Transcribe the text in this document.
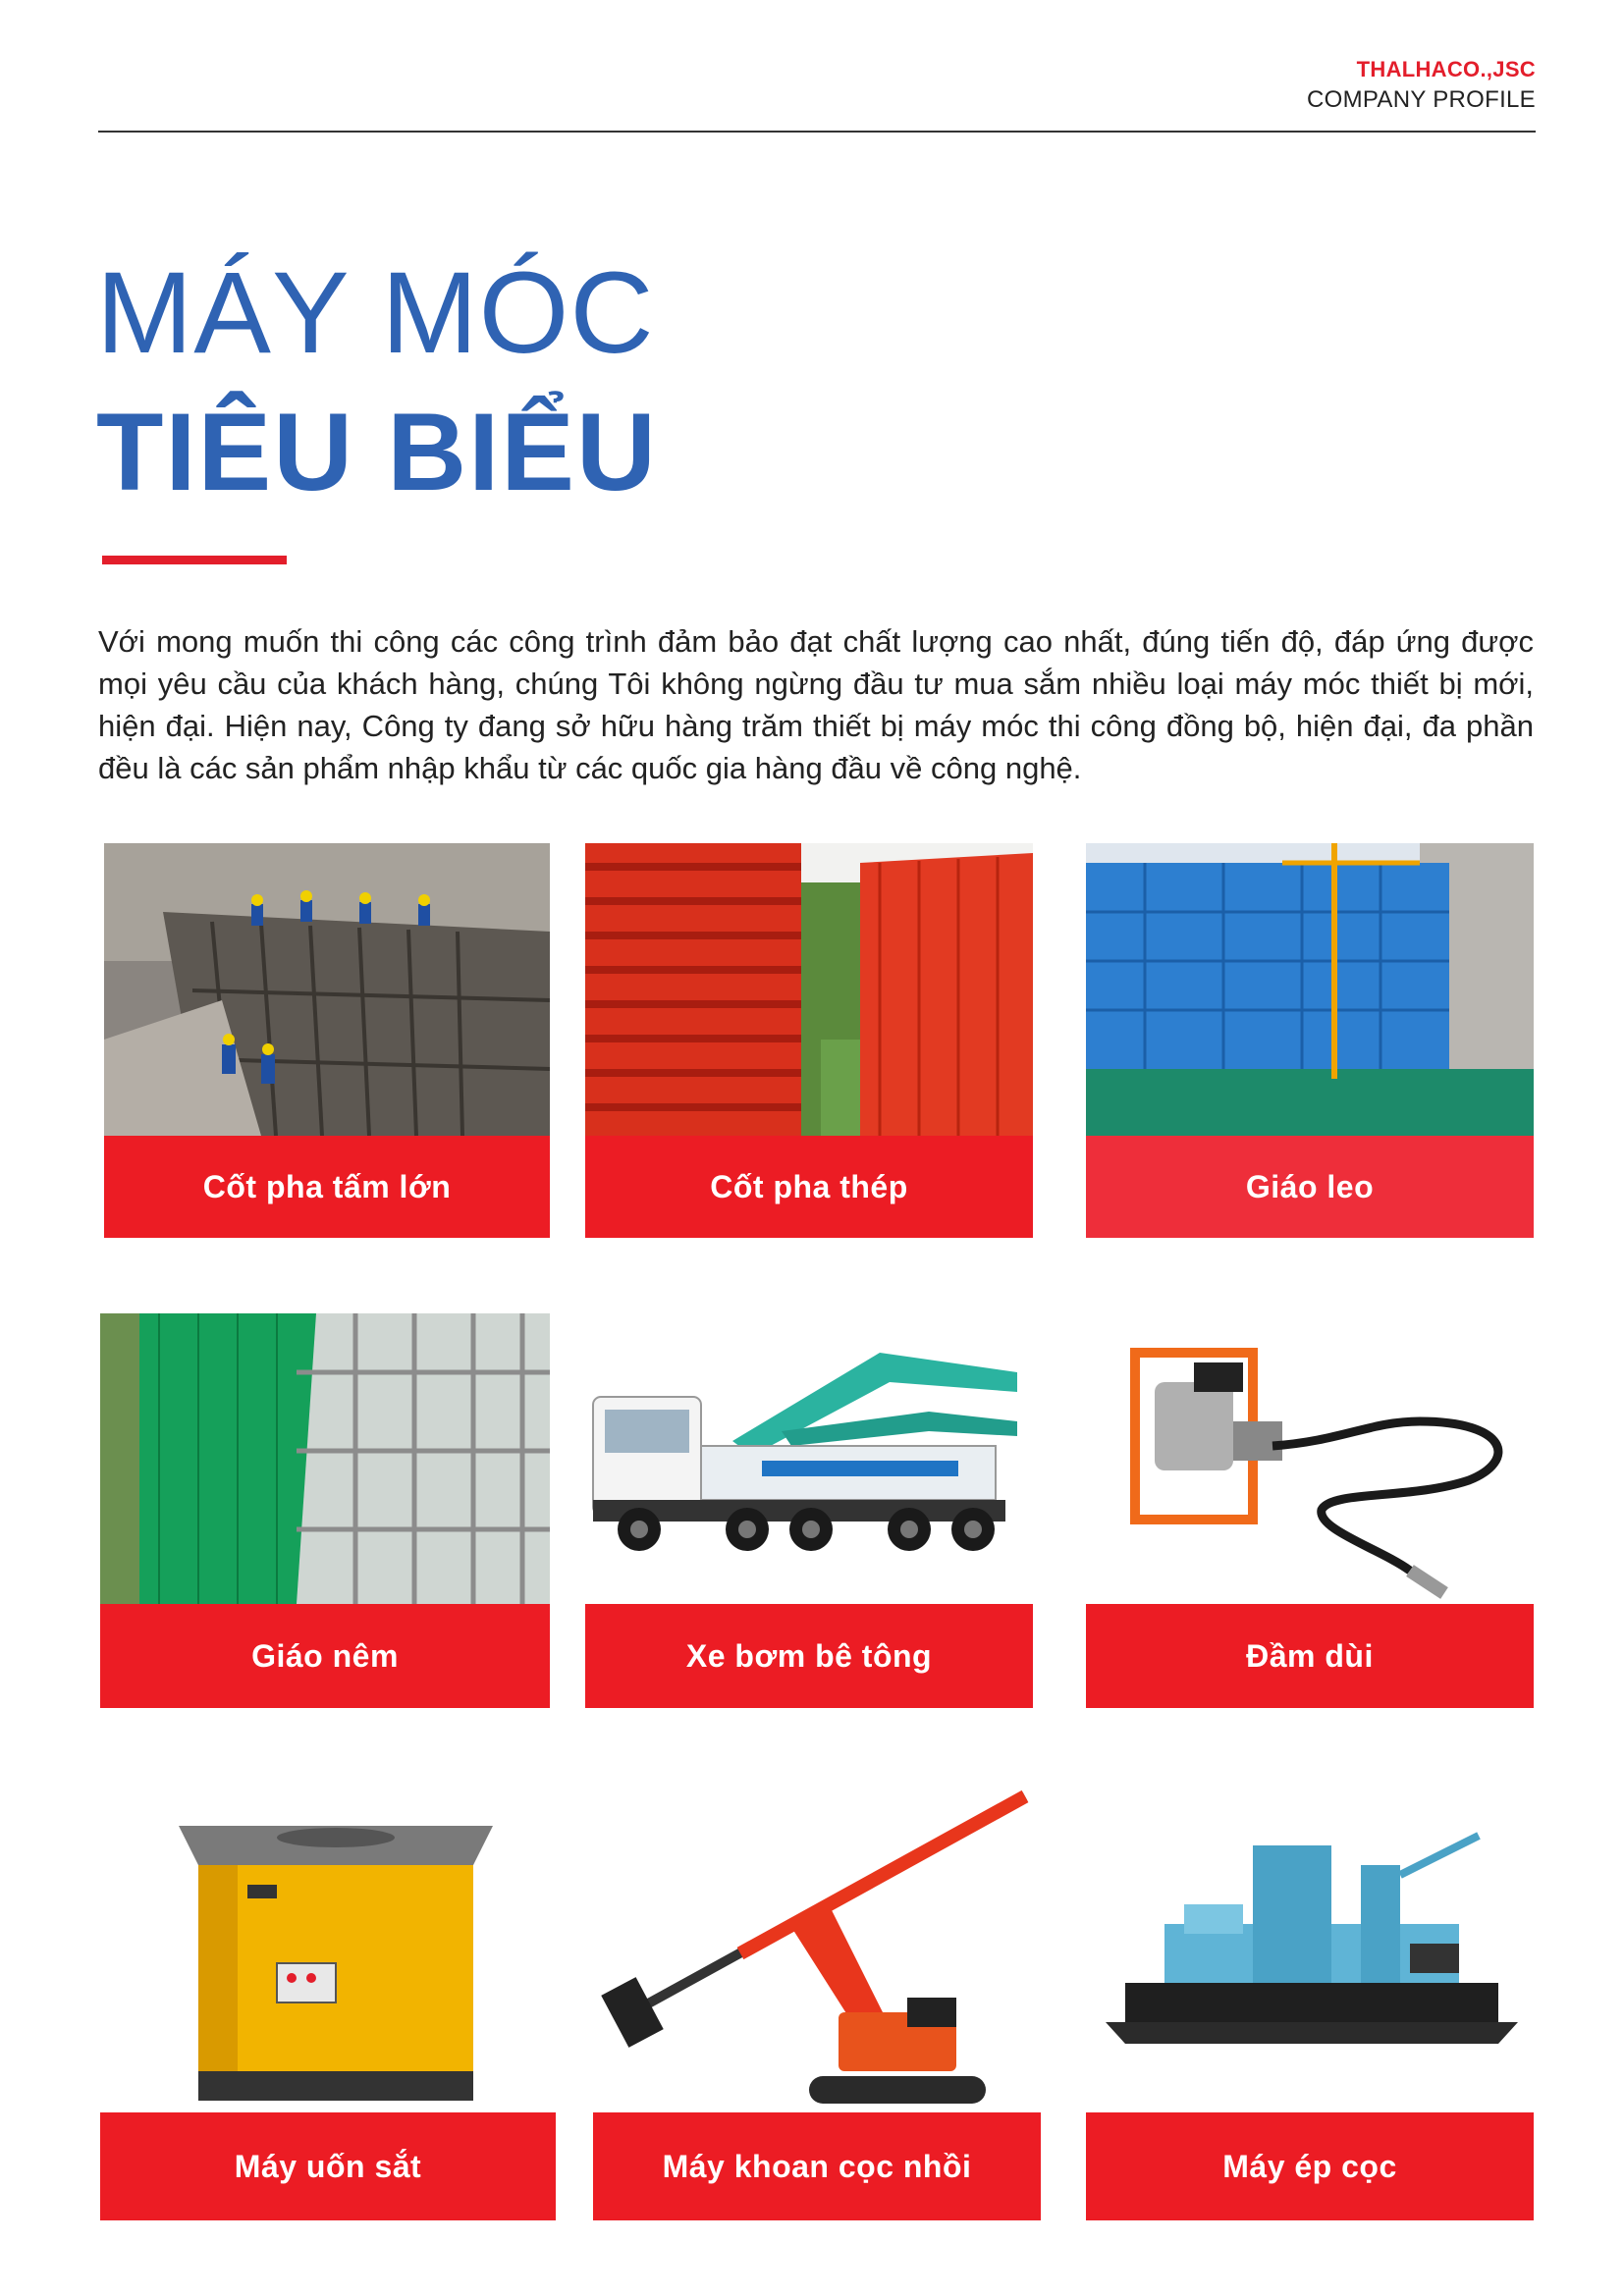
THALHACO.,JSC
COMPANY PROFILE
MÁY MÓC
TIÊU BIỂU

Với mong muốn thi công các công trình đảm bảo đạt chất lượng cao nhất, đúng tiến độ, đáp ứng được mọi yêu cầu của khách hàng, chúng Tôi không ngừng đầu tư mua sắm nhiều loại máy móc thiết bị mới, hiện đại. Hiện nay, Công ty đang sở hữu hàng trăm thiết bị máy móc thi công đồng bộ, hiện đại, đa phần đều là các sản phẩm nhập khẩu từ các quốc gia hàng đầu về công nghệ.

Cốt pha tấm lớn	Cốt pha thép	Giáo leo
Giáo nêm	Xe bơm bê tông	Đầm dùi
Máy uốn sắt	Máy khoan cọc nhồi	Máy ép cọc
